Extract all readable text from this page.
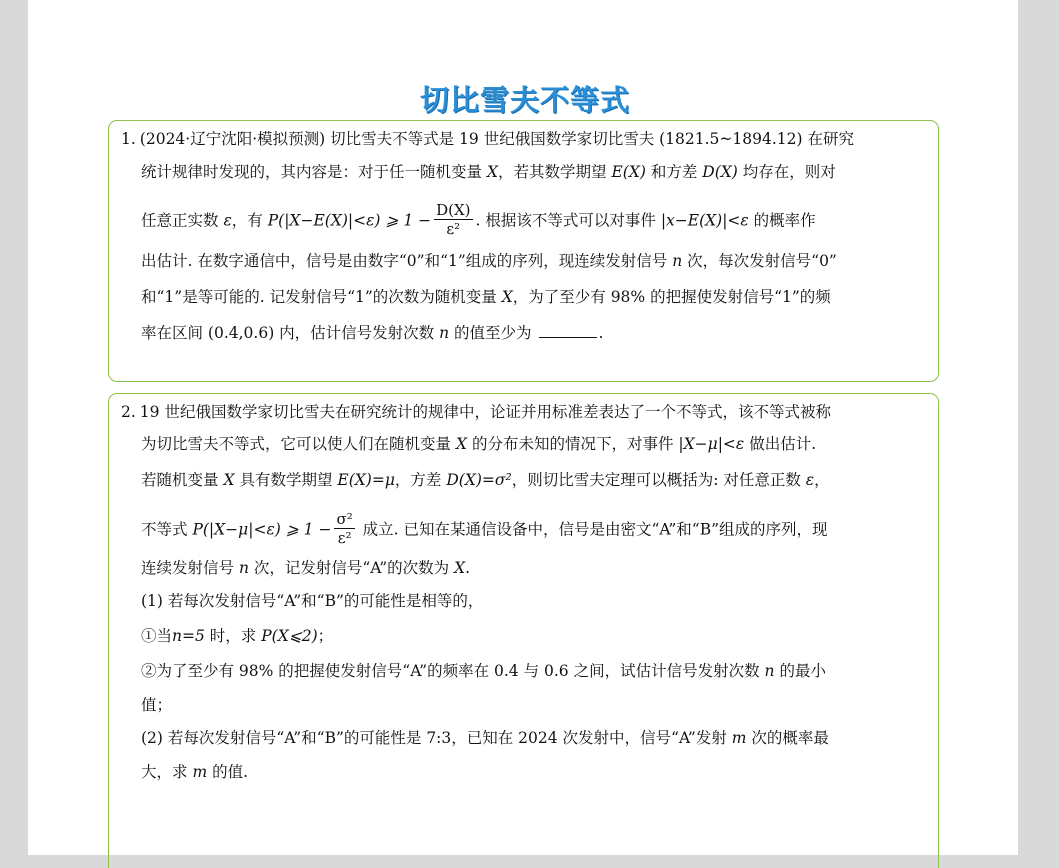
切比雪夫不等式
1. (2024·辽宁沈阳·模拟预测) 切比雪夫不等式是 19 世纪俄国数学家切比雪夫 (1821.5~1894.12) 在研究
统计规律时发现的，其内容是：对于任一随机变量 X，若其数学期望 E(X) 和方差 D(X) 均存在，则对
任意正实数 ε，有 P(|X−E(X)|<ε) ⩾ $1 - \frac{D(X)}{\text{ε²}}$ . 根据该不等式可以对事件 |x−E(X)|<ε 的概率作
出估计. 在数字通信中，信号是由数字“0”和“1”组成的序列，现连续发射信号 n 次，每次发射信号“0”
和“1”是等可能的. 记发射信号“1”的次数为随机变量 X，为了至少有 98% 的把握使发射信号“1”的频
率在区间 (0.4,0.6) 内，估计信号发射次数 n 的值至少为	.
2. 19 世纪俄国数学家切比雪夫在研究统计的规律中，论证并用标准差表达了一个不等式，该不等式被称
为切比雪夫不等式，它可以使人们在随机变量 X 的分布未知的情况下，对事件 |X−μ|<ε 做出估计.
若随机变量 X 具有数学期望 E(X)=μ，方差 D(X)=σ²，则切比雪夫定理可以概括为: 对任意正数 ε，
不等式 P(|X−μ|<ε) ⩾ $1 - \frac{\text{σ²}}{\text{ε²}}$ 成立. 已知在某通信设备中，信号是由密文“A”和“B”组成的序列，现
连续发射信号 n 次，记发射信号“A”的次数为 X.
(1) 若每次发射信号“A”和“B”的可能性是相等的，
①当n=5 时，求 P(X⩽2)；
②为了至少有 98% 的把握使发射信号“A”的频率在 0.4 与 0.6 之间，试估计信号发射次数 n 的最小
值；
(2) 若每次发射信号“A”和“B”的可能性是 7:3，已知在 2024 次发射中，信号“A”发射 m 次的概率最
大，求 m 的值.
